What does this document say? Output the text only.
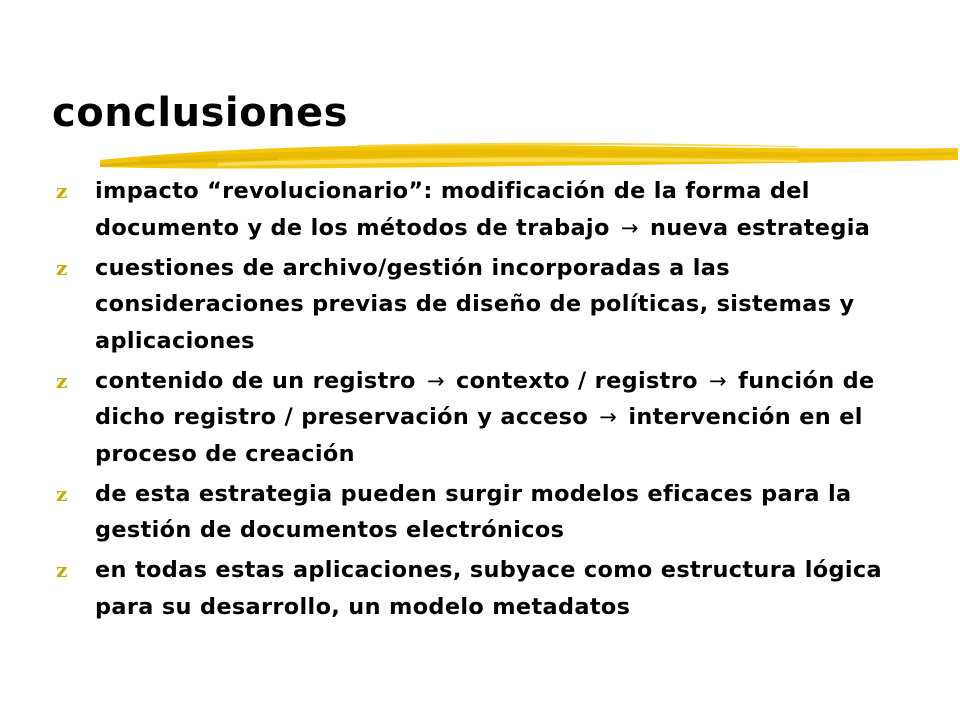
conclusiones
z	impacto “revolucionario”: modificación de la forma del documento y de los métodos de trabajo → nueva estrategia
z	cuestiones de archivo/gestión incorporadas a las consideraciones previas de diseño de políticas, sistemas y aplicaciones
z	contenido de un registro → contexto / registro → función de dicho registro / preservación y acceso → intervención en el proceso de creación
z	de esta estrategia pueden surgir modelos eficaces para la gestión de documentos electrónicos
z	en todas estas aplicaciones, subyace como estructura lógica para su desarrollo, un modelo metadatos
